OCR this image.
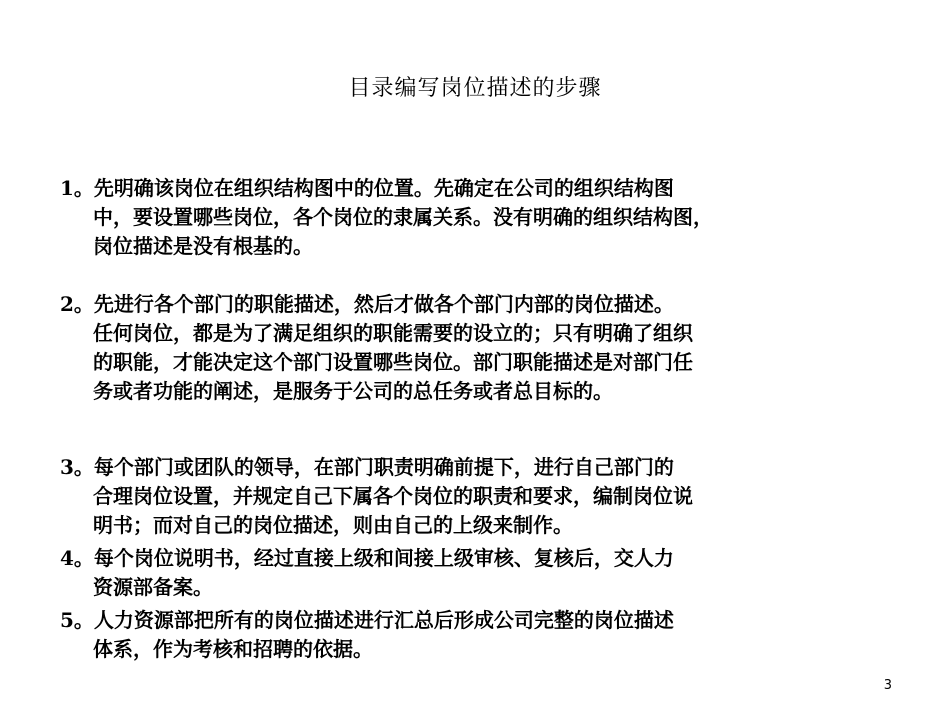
目录编写岗位描述的步骤
1。先明确该岗位在组织结构图中的位置。先确定在公司的组织结构图
中，要设置哪些岗位，各个岗位的隶属关系。没有明确的组织结构图，
岗位描述是没有根基的。
2。先进行各个部门的职能描述，然后才做各个部门内部的岗位描述。
任何岗位，都是为了满足组织的职能需要的设立的；只有明确了组织
的职能，才能决定这个部门设置哪些岗位。部门职能描述是对部门任
务或者功能的阐述，是服务于公司的总任务或者总目标的。
3。每个部门或团队的领导，在部门职责明确前提下，进行自己部门的
合理岗位设置，并规定自己下属各个岗位的职责和要求，编制岗位说
明书；而对自己的岗位描述，则由自己的上级来制作。
4。每个岗位说明书，经过直接上级和间接上级审核、复核后，交人力
资源部备案。
5。人力资源部把所有的岗位描述进行汇总后形成公司完整的岗位描述
体系，作为考核和招聘的依据。
3
